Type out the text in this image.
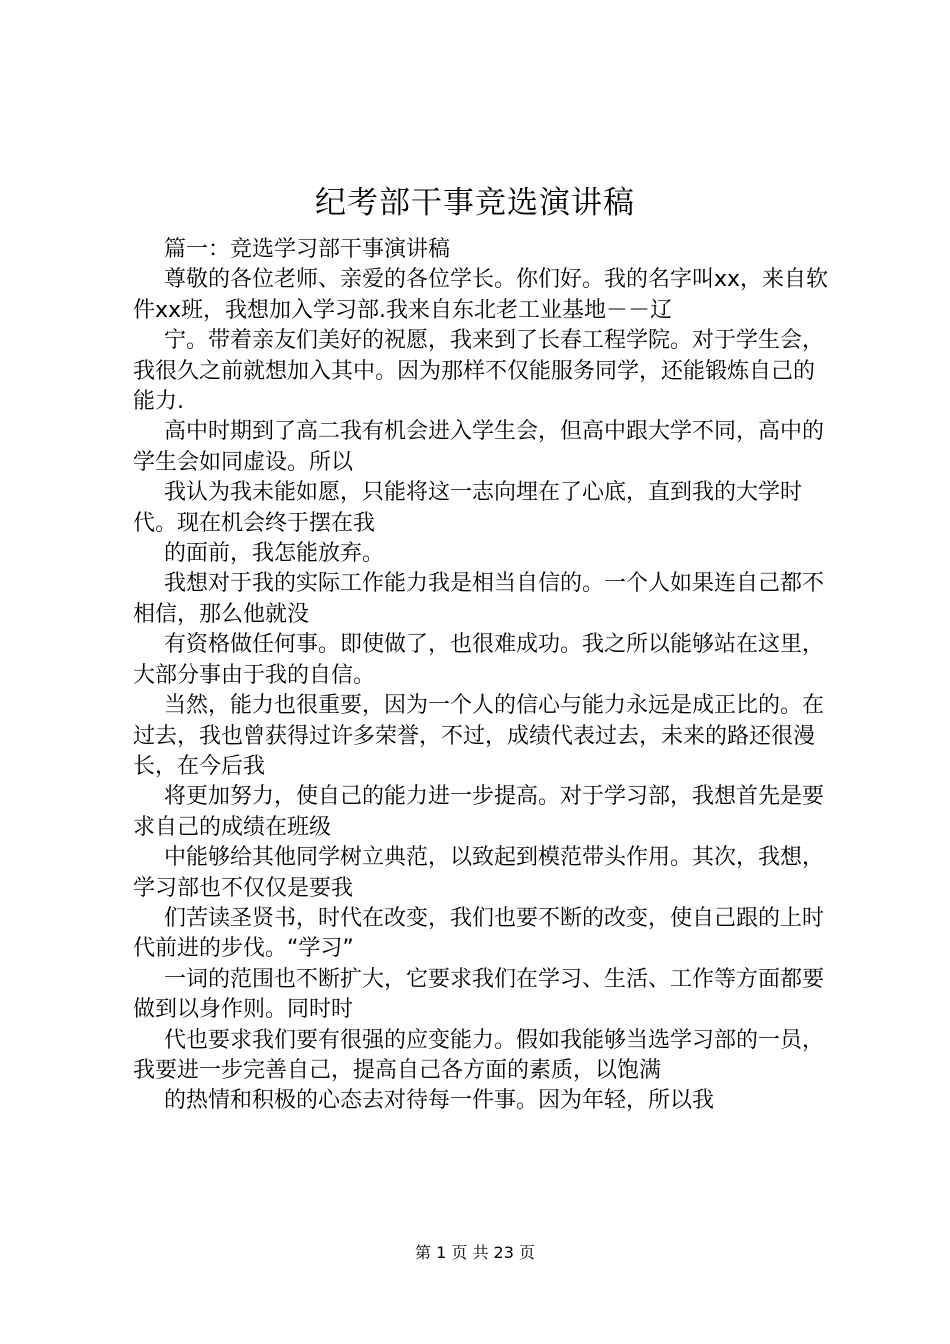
纪考部干事竞选演讲稿

篇一：竞选学习部干事演讲稿

尊敬的各位老师、亲爱的各位学长。你们好。我的名字叫xx，来自软件xx班，我想加入学习部.我来自东北老工业基地－－辽

宁。带着亲友们美好的祝愿，我来到了长春工程学院。对于学生会，我很久之前就想加入其中。因为那样不仅能服务同学，还能锻炼自己的能力.

高中时期到了高二我有机会进入学生会，但高中跟大学不同，高中的学生会如同虚设。所以

我认为我未能如愿，只能将这一志向埋在了心底，直到我的大学时代。现在机会终于摆在我

的面前，我怎能放弃。

我想对于我的实际工作能力我是相当自信的。一个人如果连自己都不相信，那么他就没

有资格做任何事。即使做了，也很难成功。我之所以能够站在这里，大部分事由于我的自信。

当然，能力也很重要，因为一个人的信心与能力永远是成正比的。在过去，我也曾获得过许多荣誉，不过，成绩代表过去，未来的路还很漫长，在今后我

将更加努力，使自己的能力进一步提高。对于学习部，我想首先是要求自己的成绩在班级

中能够给其他同学树立典范，以致起到模范带头作用。其次，我想，学习部也不仅仅是要我

们苦读圣贤书，时代在改变，我们也要不断的改变，使自己跟的上时代前进的步伐。“学习”

一词的范围也不断扩大，它要求我们在学习、生活、工作等方面都要做到以身作则。同时时

代也要求我们要有很强的应变能力。假如我能够当选学习部的一员，我要进一步完善自己，提高自己各方面的素质，以饱满

的热情和积极的心态去对待每一件事。因为年轻，所以我

第 1 页 共 23 页
